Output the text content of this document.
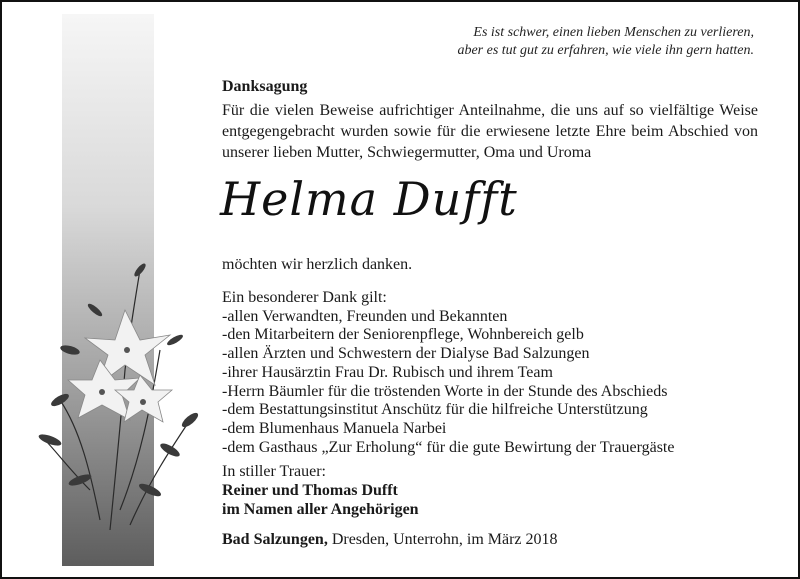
Es ist schwer, einen lieben Menschen zu verlieren,
aber es tut gut zu erfahren, wie viele ihn gern hatten.
Danksagung
Für die vielen Beweise aufrichtiger Anteilnahme, die uns auf so vielfältige Weise entgegengebracht wurden sowie für die erwiesene letzte Ehre beim Abschied von unserer lieben Mutter, Schwiegermutter, Oma und Uroma
Helma Dufft
möchten wir herzlich danken.
Ein besonderer Dank gilt:
-allen Verwandten, Freunden und Bekannten
-den Mitarbeitern der Seniorenpflege, Wohnbereich gelb
-allen Ärzten und Schwestern der Dialyse Bad Salzungen
-ihrer Hausärztin Frau Dr. Rubisch und ihrem Team
-Herrn Bäumler für die tröstenden Worte in der Stunde des Abschieds
-dem Bestattungsinstitut Anschütz für die hilfreiche Unterstützung
-dem Blumenhaus Manuela Narbei
-dem Gasthaus „Zur Erholung“ für die gute Bewirtung der Trauergäste
In stiller Trauer:
Reiner und Thomas Dufft
im Namen aller Angehörigen
Bad Salzungen, Dresden, Unterrohn, im März 2018
